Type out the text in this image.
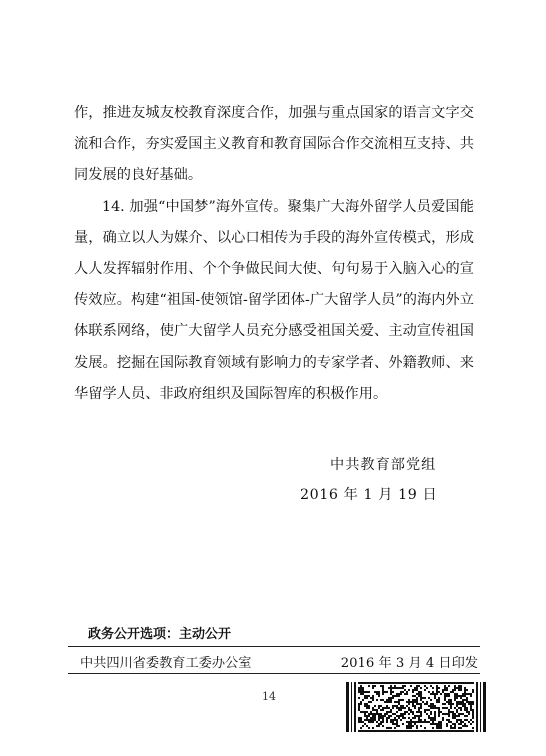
作，推进友城友校教育深度合作，加强与重点国家的语言文字交流和合作，夯实爱国主义教育和教育国际合作交流相互支持、共同发展的良好基础。

14. 加强“中国梦”海外宣传。聚集广大海外留学人员爱国能量，确立以人为媒介、以心口相传为手段的海外宣传模式，形成人人发挥辐射作用、个个争做民间大使、句句易于入脑入心的宣传效应。构建“祖国-使领馆-留学团体-广大留学人员”的海内外立体联系网络，使广大留学人员充分感受祖国关爱、主动宣传祖国发展。挖掘在国际教育领域有影响力的专家学者、外籍教师、来华留学人员、非政府组织及国际智库的积极作用。

中共教育部党组
2016 年 1 月 19 日
政务公开选项：主动公开
中共四川省委教育工委办公室	2016 年 3 月 4 日印发
14
